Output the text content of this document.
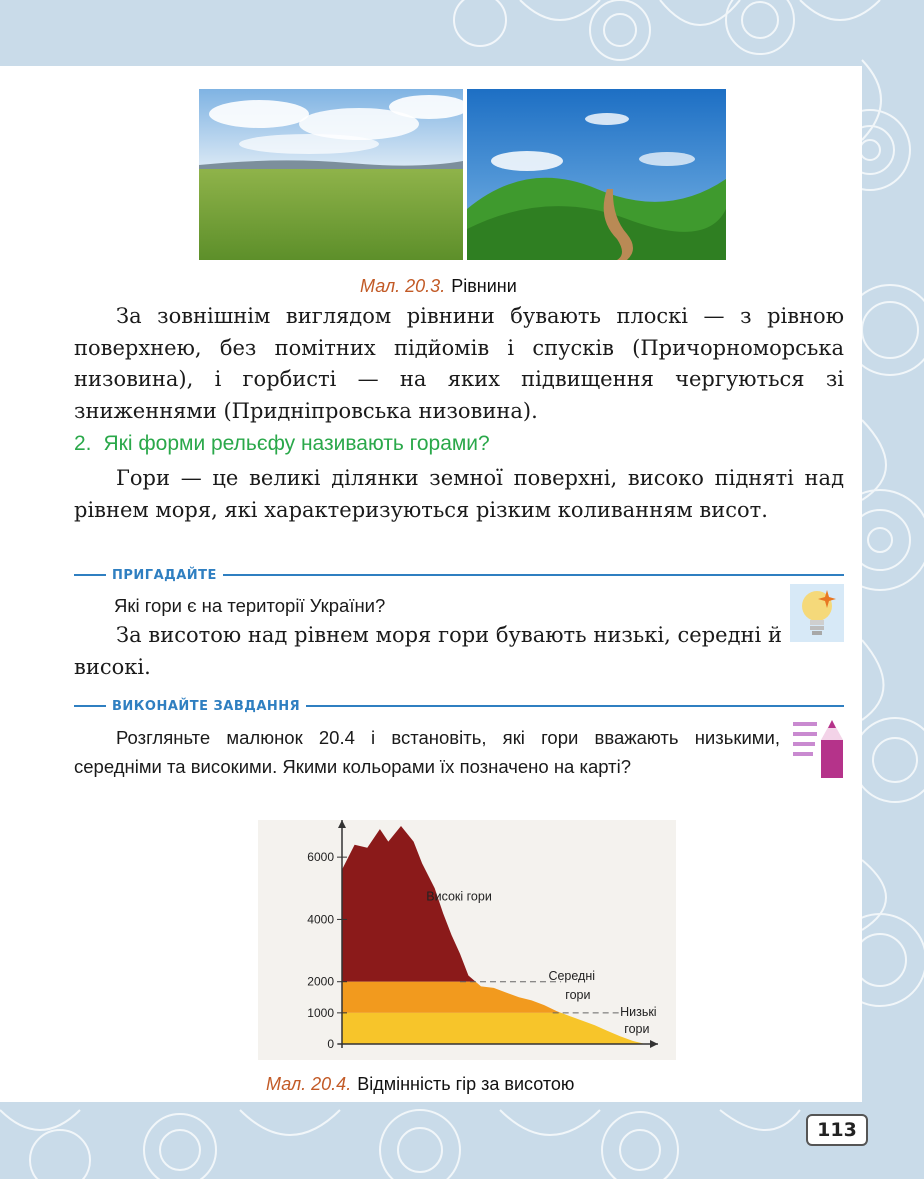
Мал. 20.3. Рівнини

За зовнішнім виглядом рівнини бувають плоскі — з рівною поверхнею, без помітних підйомів і спусків (Причорноморська низовина), і горбисті — на яких підвищення чергуються зі зниженнями (Придніпровська низовина).

2. Які форми рельєфу називають горами?

Гори — це великі ділянки земної поверхні, високо підняті над рівнем моря, які характеризуються різким коливанням висот.

ПРИГАДАЙТЕ

Які гори є на території України?

За висотою над рівнем моря гори бувають низькі, середні й високі.

ВИКОНАЙТЕ ЗАВДАННЯ

Розгляньте малюнок 20.4 і встановіть, які гори вважають низькими, середніми та високими. Якими кольорами їх позначено на карті?

6000
4000
2000
1000
0
Високі гори
Середні
гори
Низькі
гори
Мал. 20.4. Відмінність гір за висотою
113
